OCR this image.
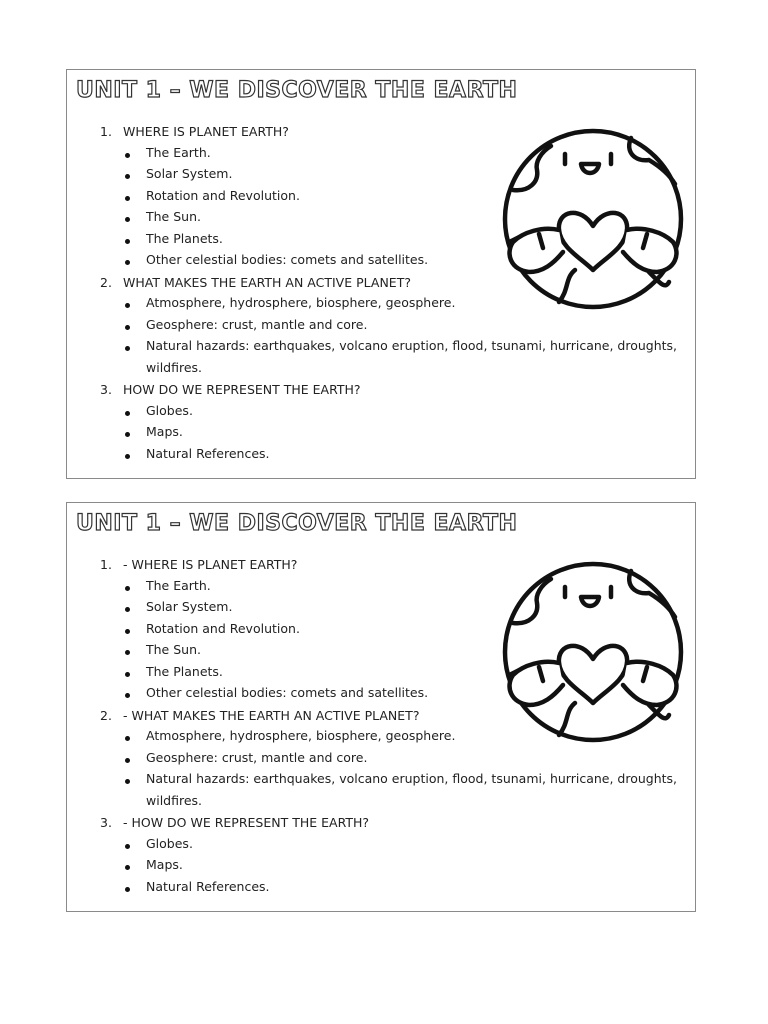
UNIT 1 – WE DISCOVER THE EARTH
1. WHERE IS PLANET EARTH?
The Earth.
Solar System.
Rotation and Revolution.
The Sun.
The Planets.
Other celestial bodies: comets and satellites.
2. WHAT MAKES THE EARTH AN ACTIVE PLANET?
Atmosphere, hydrosphere, biosphere, geosphere.
Geosphere: crust, mantle and core.
Natural hazards: earthquakes, volcano eruption, flood, tsunami, hurricane, droughts, wildfires.
3. HOW DO WE REPRESENT THE EARTH?
Globes.
Maps.
Natural References.
UNIT 1 – WE DISCOVER THE EARTH
1. - WHERE IS PLANET EARTH?
The Earth.
Solar System.
Rotation and Revolution.
The Sun.
The Planets.
Other celestial bodies: comets and satellites.
2. - WHAT MAKES THE EARTH AN ACTIVE PLANET?
Atmosphere, hydrosphere, biosphere, geosphere.
Geosphere: crust, mantle and core.
Natural hazards: earthquakes, volcano eruption, flood, tsunami, hurricane, droughts, wildfires.
3. - HOW DO WE REPRESENT THE EARTH?
Globes.
Maps.
Natural References.
